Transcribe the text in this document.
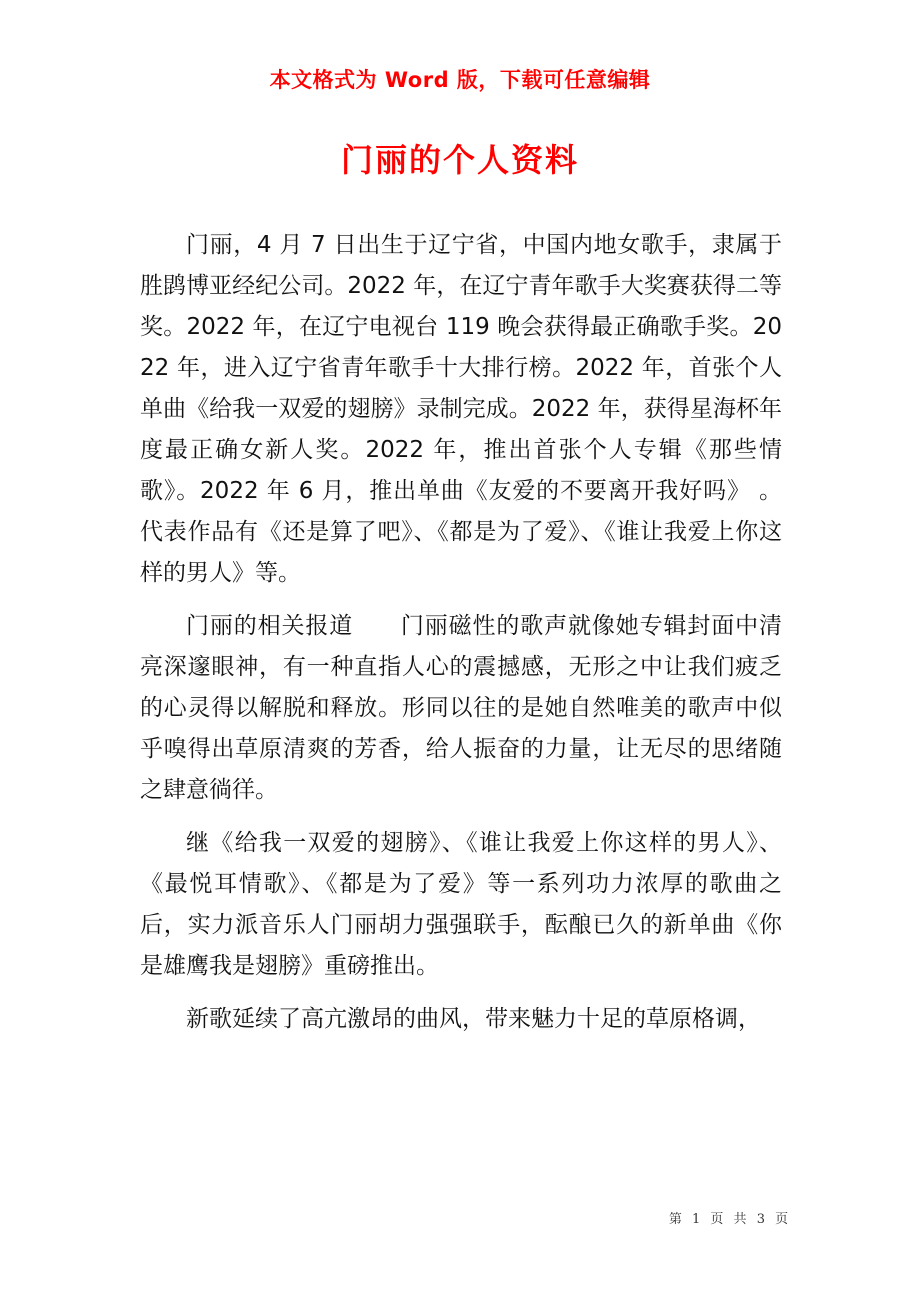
本文格式为 Word 版，下载可任意编辑
门丽的个人资料

门丽，4 月 7 日出生于辽宁省，中国内地女歌手，隶属于胜鹍博亚经纪公司。2022 年，在辽宁青年歌手大奖赛获得二等奖。2022 年，在辽宁电视台 119 晚会获得最正确歌手奖。2022 年，进入辽宁省青年歌手十大排行榜。2022 年，首张个人单曲《给我一双爱的翅膀》录制完成。2022 年，获得星海杯年度最正确女新人奖。2022 年，推出首张个人专辑《那些情歌》。2022 年 6 月，推出单曲《友爱的不要离开我好吗》 。代表作品有《还是算了吧》、《都是为了爱》、《谁让我爱上你这样的男人》等。

门丽的相关报道　　门丽磁性的歌声就像她专辑封面中清亮深邃眼神，有一种直指人心的震撼感，无形之中让我们疲乏的心灵得以解脱和释放。形同以往的是她自然唯美的歌声中似乎嗅得出草原清爽的芳香，给人振奋的力量，让无尽的思绪随之肆意徜徉。

继《给我一双爱的翅膀》、《谁让我爱上你这样的男人》、《最悦耳情歌》、《都是为了爱》等一系列功力浓厚的歌曲之后，实力派音乐人门丽胡力强强联手，酝酿已久的新单曲《你是雄鹰我是翅膀》重磅推出。

新歌延续了高亢激昂的曲风，带来魅力十足的草原格调，

第 1 页 共 3 页
